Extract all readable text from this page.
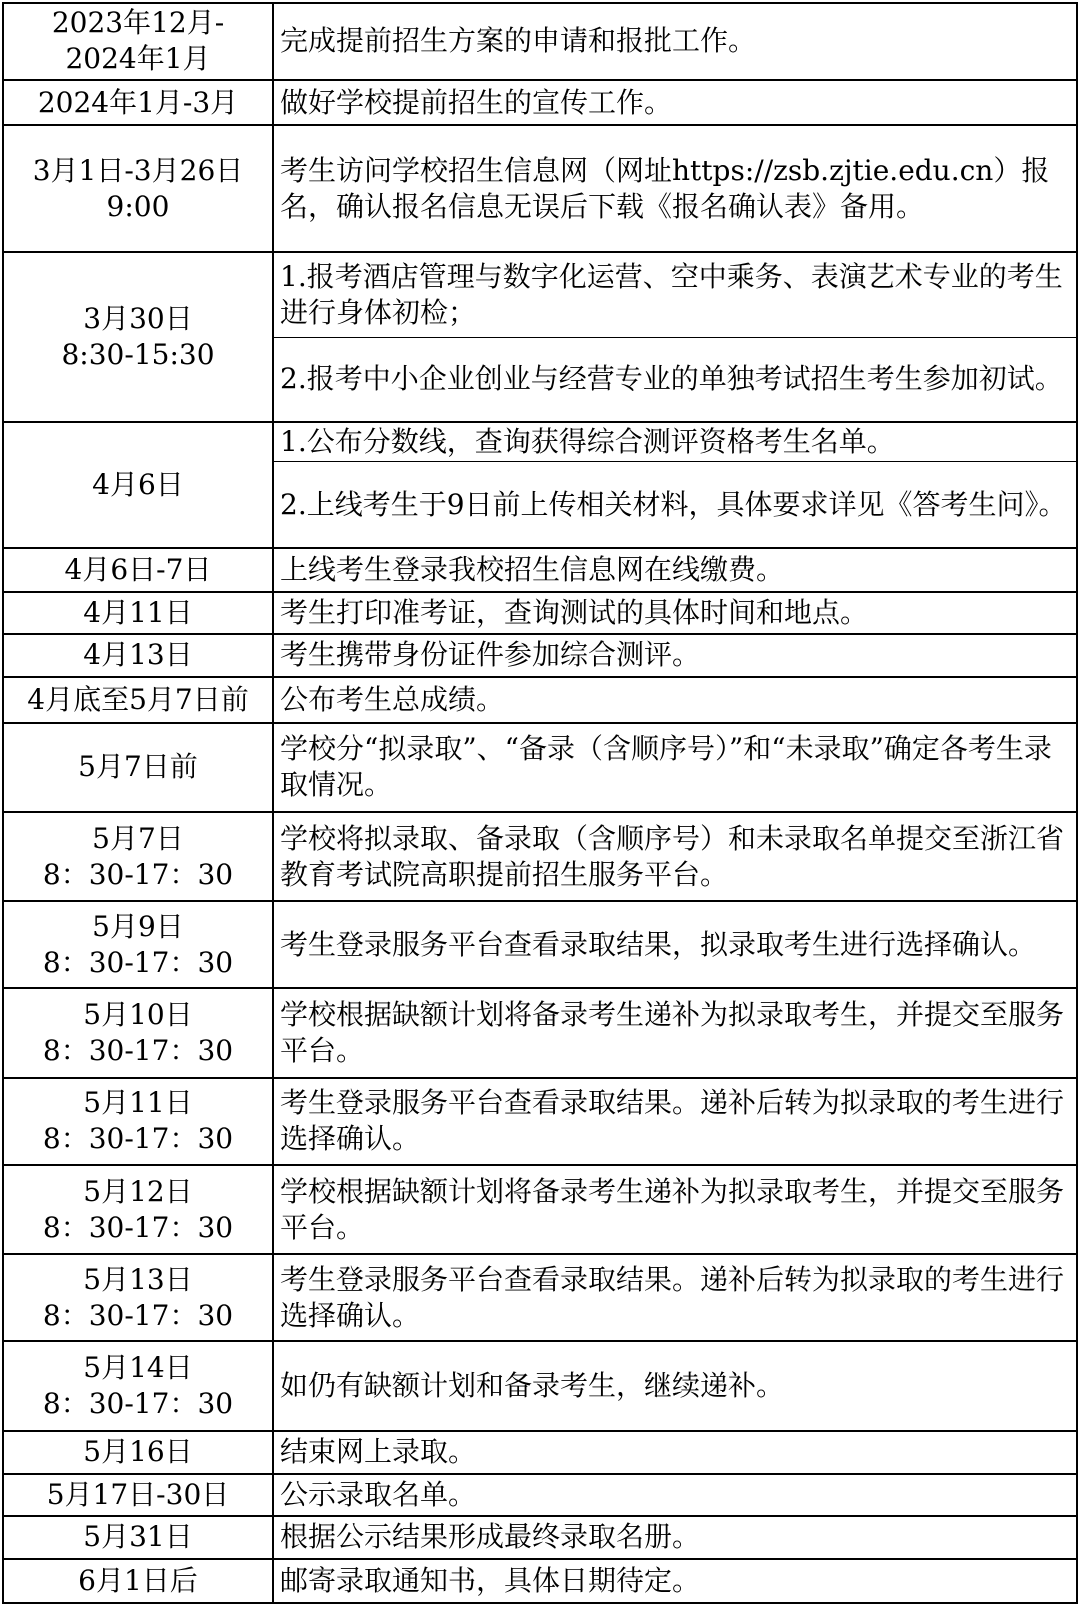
2023年12月-
2024年1月	完成提前招生方案的申请和报批工作。
2024年1月-3月	做好学校提前招生的宣传工作。
3月1日-3月26日
9:00	考生访问学校招生信息网（网址https://zsb.zjtie.edu.cn）报名，确认报名信息无误后下载《报名确认表》备用。
3月30日
8:30-15:30	1.报考酒店管理与数字化运营、空中乘务、表演艺术专业的考生进行身体初检；
	2.报考中小企业创业与经营专业的单独考试招生考生参加初试。
4月6日	1.公布分数线，查询获得综合测评资格考生名单。
	2.上线考生于9日前上传相关材料，具体要求详见《答考生问》。
4月6日-7日	上线考生登录我校招生信息网在线缴费。
4月11日	考生打印准考证，查询测试的具体时间和地点。
4月13日	考生携带身份证件参加综合测评。
4月底至5月7日前	公布考生总成绩。
5月7日前	学校分“拟录取”、“备录（含顺序号）”和“未录取”确定各考生录取情况。
5月7日
8：30-17：30	学校将拟录取、备录取（含顺序号）和未录取名单提交至浙江省教育考试院高职提前招生服务平台。
5月9日
8：30-17：30	考生登录服务平台查看录取结果，拟录取考生进行选择确认。
5月10日
8：30-17：30	学校根据缺额计划将备录考生递补为拟录取考生，并提交至服务平台。
5月11日
8：30-17：30	考生登录服务平台查看录取结果。递补后转为拟录取的考生进行选择确认。
5月12日
8：30-17：30	学校根据缺额计划将备录考生递补为拟录取考生，并提交至服务平台。
5月13日
8：30-17：30	考生登录服务平台查看录取结果。递补后转为拟录取的考生进行选择确认。
5月14日
8：30-17：30	如仍有缺额计划和备录考生，继续递补。
5月16日	结束网上录取。
5月17日-30日	公示录取名单。
5月31日	根据公示结果形成最终录取名册。
6月1日后	邮寄录取通知书，具体日期待定。
